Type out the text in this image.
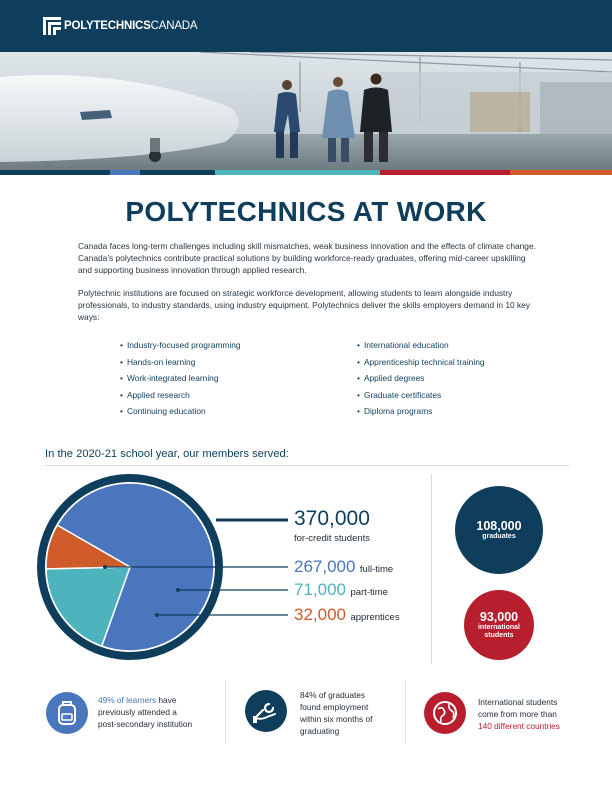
POLYTECHNICSCANADA
POLYTECHNICS AT WORK

Canada faces long-term challenges including skill mismatches, weak business innovation and the effects of climate change. Canada’s polytechnics contribute practical solutions by building workforce-ready graduates, offering mid-career upskilling and supporting business innovation through applied research.

Polytechnic institutions are focused on strategic workforce development, allowing students to learn alongside industry professionals, to industry standards, using industry equipment. Polytechnics deliver the skills employers demand in 10 key ways:

• Industry-focused programming
• Hands-on learning
• Work-integrated learning
• Applied research
• Continuing education
• International education
• Apprenticeship technical training
• Applied degrees
• Graduate certificates
• Diploma programs
In the 2020-21 school year, our members served:
370,000
for-credit students
267,000 full-time
71,000 part-time
32,000 apprentices
108,000
graduates
93,000
international
students
49% of learners have
previously attended a
post-secondary institution
84% of graduates
found employment
within six months of
graduating
International students
come from more than
140 different countries
